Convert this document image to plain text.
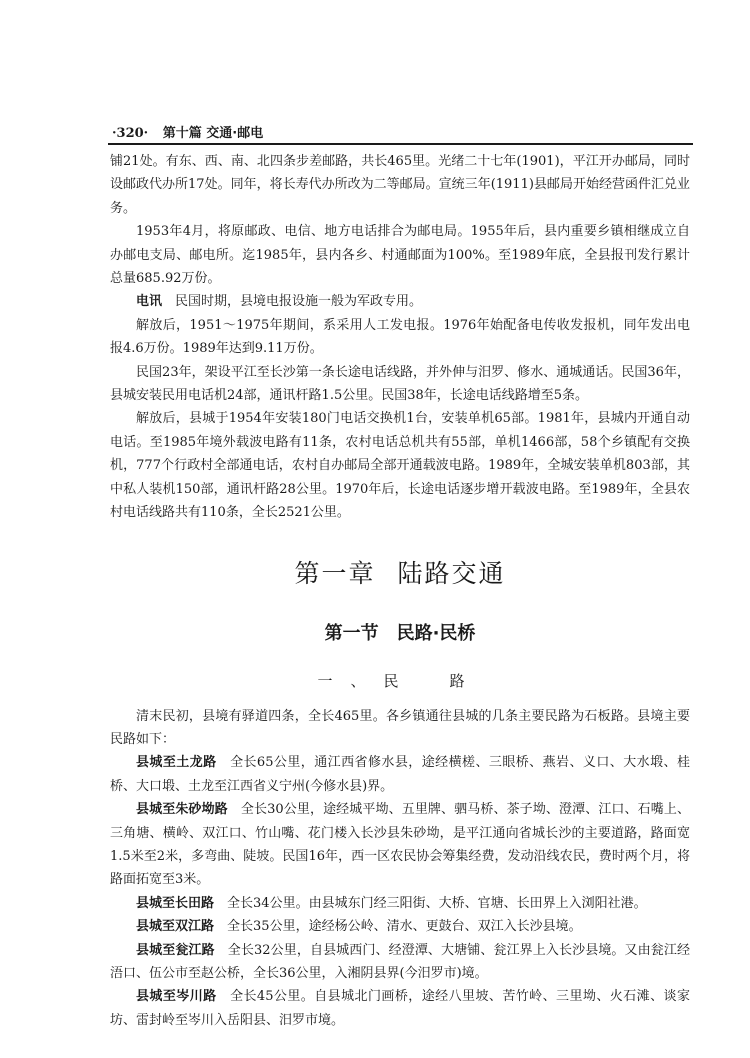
·320· 第十篇 交通·邮电

铺21处。有东、西、南、北四条步差邮路，共长465里。光绪二十七年(1901)，平江开办邮局，同时设邮政代办所17处。同年，将长寿代办所改为二等邮局。宣统三年(1911)县邮局开始经营函件汇兑业务。

1953年4月，将原邮政、电信、地方电话排合为邮电局。1955年后，县内重要乡镇相继成立自办邮电支局、邮电所。迄1985年，县内各乡、村通邮面为100%。至1989年底，全县报刊发行累计总量685.92万份。

电讯　 民国时期，县境电报设施一般为军政专用。

解放后，1951～1975年期间，系采用人工发电报。1976年始配备电传收发报机，同年发出电报4.6万份。1989年达到9.11万份。

民国23年，架设平江至长沙第一条长途电话线路，并外伸与汨罗、修水、通城通话。民国36年，县城安装民用电话机24部，通讯杆路1.5公里。民国38年，长途电话线路增至5条。

解放后，县城于1954年安装180门电话交换机1台，安装单机65部。1981年，县城内开通自动电话。至1985年境外载波电路有11条，农村电话总机共有55部，单机1466部，58个乡镇配有交换机，777个行政村全部通电话，农村自办邮局全部开通载波电路。1989年，全城安装单机803部，其中私人装机150部，通讯杆路28公里。1970年后，长途电话逐步增开载波电路。至1989年，全县农村电话线路共有110条，全长2521公里。

第一章 陆路交通
第一节 民路·民桥
一、民　路

清末民初，县境有驿道四条，全长465里。各乡镇通往县城的几条主要民路为石板路。县境主要民路如下：

县城至土龙路　 全长65公里，通江西省修水县，途经横槎、三眼桥、燕岩、义口、大水塅、桂桥、大口塅、土龙至江西省义宁州(今修水县)界。

县城至朱砂坳路　 全长30公里，途经城平坳、五里牌、驷马桥、茶子坳、澄潭、江口、石嘴上、三角塘、横岭、双江口、竹山嘴、花门楼入长沙县朱砂坳，是平江通向省城长沙的主要道路，路面宽1.5米至2米，多弯曲、陡坡。民国16年，西一区农民协会筹集经费，发动沿线农民，费时两个月，将路面拓宽至3米。

县城至长田路　 全长34公里。由县城东门经三阳街、大桥、官塘、长田界上入浏阳社港。

县城至双江路　 全长35公里，途经杨公岭、清水、更鼓台、双江入长沙县境。

县城至瓮江路　 全长32公里，自县城西门、经澄潭、大塘铺、瓮江界上入长沙县境。又由瓮江经浯口、伍公市至赵公桥，全长36公里，入湘阴县界(今汨罗市)境。

县城至岑川路　 全长45公里。自县城北门画桥，途经八里坡、苦竹岭、三里坳、火石滩、谈家坊、雷封岭至岑川入岳阳县、汨罗市境。
